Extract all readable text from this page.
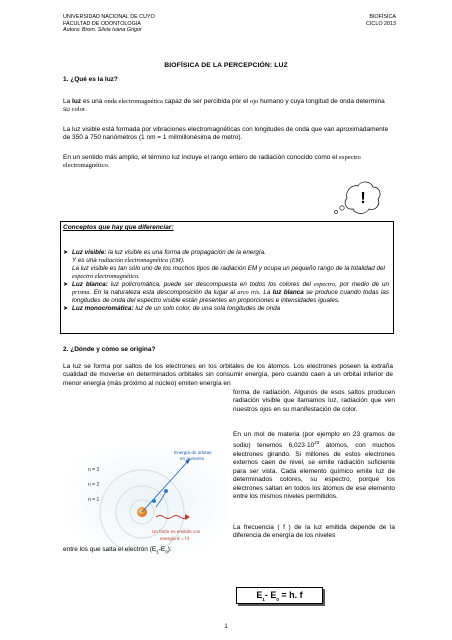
UNIVERSIDAD NACIONAL DE CUYO
FACULTAD DE ODONTOLOGIA
Autora: Brom. Silvia Ivana Grigor
BIOFÍSICA
CICLO 2013
BIOFÍSICA DE LA PERCEPCIÓN: LUZ
1. ¿Qué es la luz?
La luz es una onda electromagnética capaz de ser percibida por el ojo humano y cuya longitud de onda determina su color.
La luz visible está formada por vibraciones electromagnéticas con longitudes de onda que van aproximadamente de 350 a 750 nanómetros (1 nm = 1 milmillonésima de metro).
En un sentido más amplio, el término luz incluye el rango entero de radiación conocido como el espectro electromagnético.
!
Conceptos que hay que diferenciar:
➤ Luz visible: la luz visible es una forma de propagación de la energía.
Y es una radiación electromagnética (EM).
La luz visible es tan sólo uno de los muchos tipos de radiación EM y ocupa un pequeño rango de la totalidad del espectro electromagnético.
➤ Luz blanca: luz policromática, puede ser descompuesta en todos los colores del espectro, por medio de un prisma. En la naturaleza esta descomposición da lugar al arco iris. La luz blanca se produce cuando todas las longitudes de onda del espectro visible están presentes en proporciones e intensidades iguales.
➤ Luz monocromática: luz de un solo color, de una sola longitudes de onda
2. ¿Dónde y cómo se origina?
La luz se forma por saltos de los electrones en los orbitales de los átomos. Los electrones poseen la extraña cualidad de moverse en determinados orbitales sin consumir energía, pero cuando caen a un orbital inferior de menor energía (más próximo al núcleo) emiten energía en
n = 3
n = 2
n = 1
Energía de órbitas
en aumento
Un fotón es emitido con
energía E = hf
forma de radiación. Algunos de esos saltos producen radiación visible que llamamos luz, radiación que ven nuestros ojos en su manifestación de color.
En un mol de materia (por ejemplo en 23 gramos de sodio) tenemos $6,023\cdot 10^{23}$ átomos, con muchos electrones girando. Si millones de estos electrones externos caen de nivel, se emite radiación suficiente para ser vista. Cada elemento químico emite luz de determinados colores, su espectro, porque los electrones saltan en todos los átomos de ese elemento entre los mismos niveles permitidos.
La frecuencia ( f ) de la luz emitida depende de la diferencia de energía de los niveles
entre los que salta el electrón $(E_1-E_0)$:
$E_1-$ $E_0 = h$. f
1
